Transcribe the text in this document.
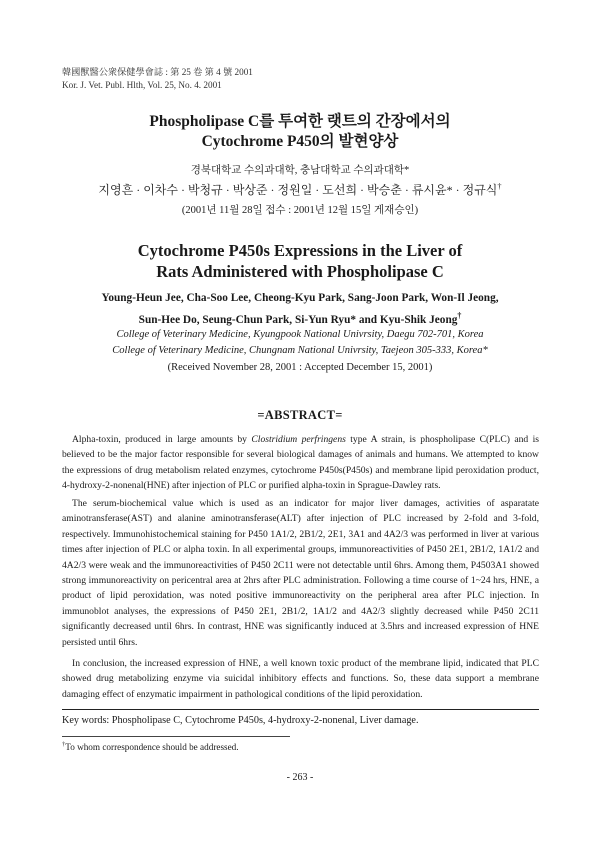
韓國獸醫公衆保健學會誌 : 第 25 卷 第 4 號 2001
Kor. J. Vet. Publ. Hlth, Vol. 25, No. 4. 2001
Phospholipase C를 투여한 랫트의 간장에서의
Cytochrome P450의 발현양상
경북대학교 수의과대학, 충남대학교 수의과대학*
지영흔 · 이차수 · 박청규 · 박상준 · 정원일 · 도선희 · 박승춘 · 류시윤* · 정규식†
(2001년 11월 28일 접수 : 2001년 12월 15일 게재승인)
Cytochrome P450s Expressions in the Liver of
Rats Administered with Phospholipase C
Young-Heun Jee, Cha-Soo Lee, Cheong-Kyu Park, Sang-Joon Park, Won-Il Jeong,
Sun-Hee Do, Seung-Chun Park, Si-Yun Ryu* and Kyu-Shik Jeong†
College of Veterinary Medicine, Kyungpook National Univrsity, Daegu 702-701, Korea
College of Veterinary Medicine, Chungnam National Univrsity, Taejeon 305-333, Korea*
(Received November 28, 2001 : Accepted December 15, 2001)
=ABSTRACT=

Alpha-toxin, produced in large amounts by Clostridium perfringens type A strain, is phospholipase C(PLC) and is believed to be the major factor responsible for several biological damages of animals and humans. We attempted to know the expressions of drug metabolism related enzymes, cytochrome P450s(P450s) and membrane lipid peroxidation product, 4-hydroxy-2-nonenal(HNE) after injection of PLC or purified alpha-toxin in Sprague-Dawley rats.

The serum-biochemical value which is used as an indicator for major liver damages, activities of asparatate aminotransferase(AST) and alanine aminotransferase(ALT) after injection of PLC increased by 2-fold and 3-fold, respectively. Immunohistochemical staining for P450 1A1/2, 2B1/2, 2E1, 3A1 and 4A2/3 was performed in liver at various times after injection of PLC or alpha toxin. In all experimental groups, immunoreactivities of P450 2E1, 2B1/2, 1A1/2 and 4A2/3 were weak and the immunoreactivities of P450 2C11 were not detectable until 6hrs. Among them, P4503A1 showed strong immunoreactivity on pericentral area at 2hrs after PLC administration. Following a time course of 1~24 hrs, HNE, a product of lipid peroxidation, was noted positive immunoreactivity on the peripheral area after PLC injection. In immunoblot analyses, the expressions of P450 2E1, 2B1/2, 1A1/2 and 4A2/3 slightly decreased while P450 2C11 significantly decreased until 6hrs. In contrast, HNE was significantly induced at 3.5hrs and increased expression of HNE persisted until 6hrs.

In conclusion, the increased expression of HNE, a well known toxic product of the membrane lipid, indicated that PLC showed drug metabolizing enzyme via suicidal inhibitory effects and functions. So, these data support a membrane damaging effect of enzymatic impairment in pathological conditions of the lipid peroxidation.

Key words: Phospholipase C, Cytochrome P450s, 4-hydroxy-2-nonenal, Liver damage.
†To whom correspondence should be addressed.
- 263 -
